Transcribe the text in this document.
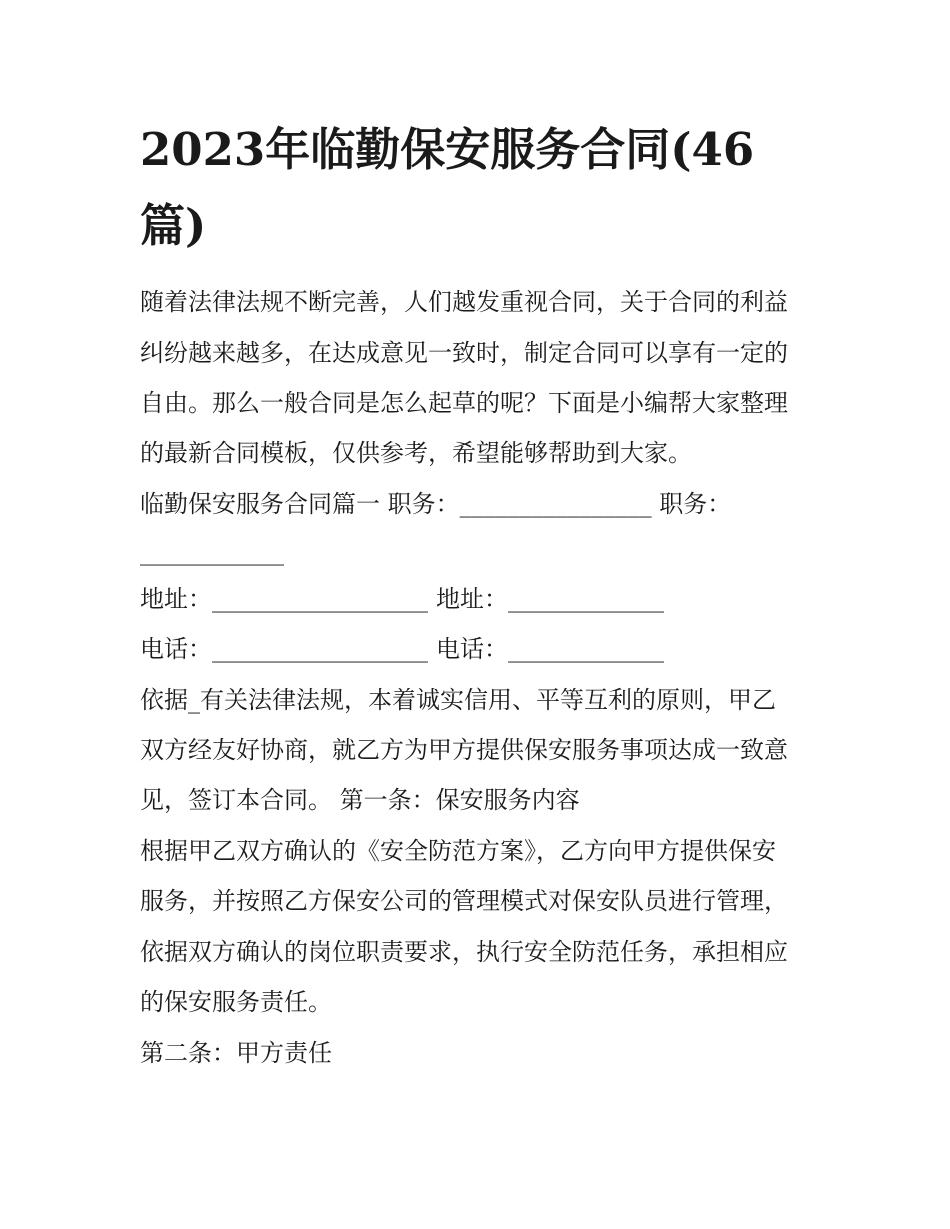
2023年临勤保安服务合同(46
篇)

随着法律法规不断完善，人们越发重视合同，关于合同的利益

纠纷越来越多，在达成意见一致时，制定合同可以享有一定的

自由。那么一般合同是怎么起草的呢？下面是小编帮大家整理

的最新合同模板，仅供参考，希望能够帮助到大家。

临勤保安服务合同篇一 职务：________________ 职务：

____________

地址：__________________ 地址：_____________

电话：__________________ 电话：_____________

依据_有关法律法规，本着诚实信用、平等互利的原则，甲乙

双方经友好协商，就乙方为甲方提供保安服务事项达成一致意

见，签订本合同。 第一条：保安服务内容

根据甲乙双方确认的《安全防范方案》，乙方向甲方提供保安

服务，并按照乙方保安公司的管理模式对保安队员进行管理，

依据双方确认的岗位职责要求，执行安全防范任务，承担相应

的保安服务责任。

第二条：甲方责任
